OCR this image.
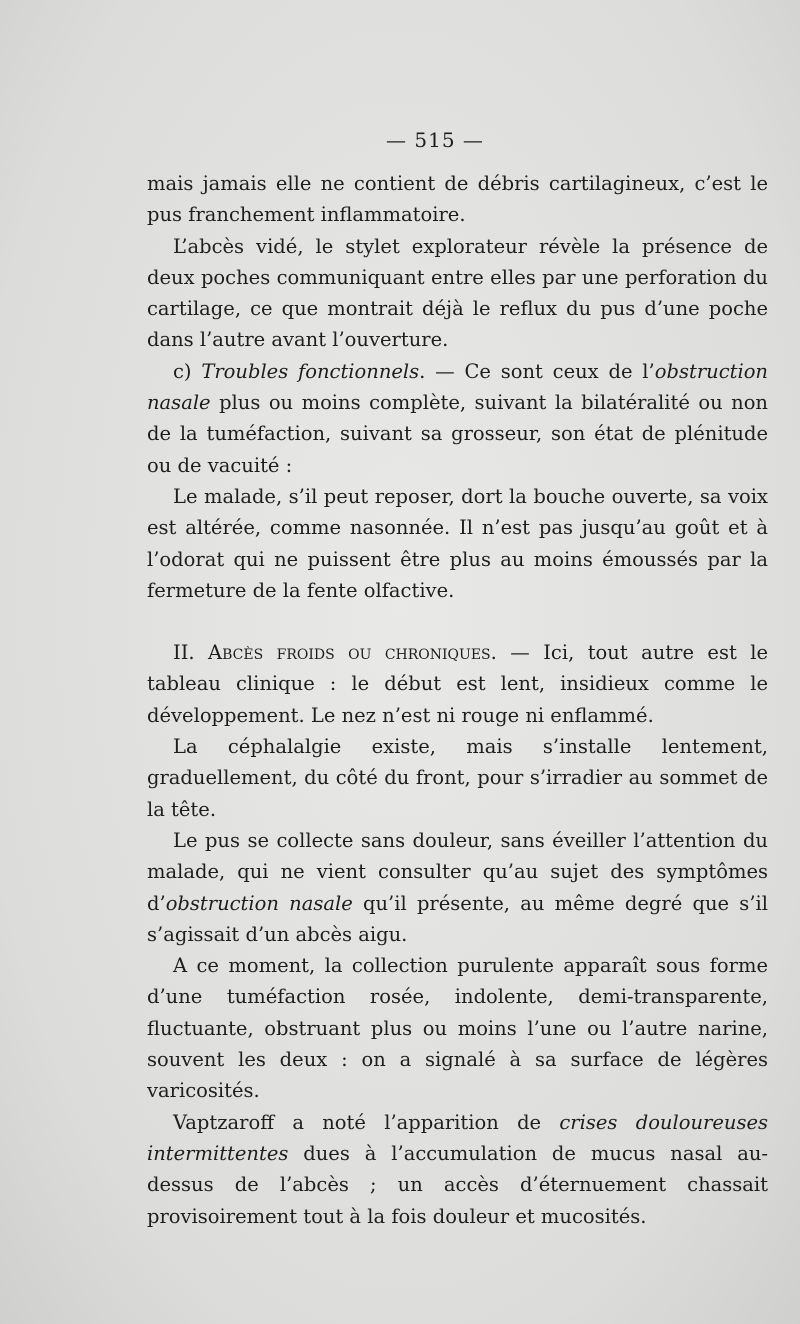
— 515 —

mais jamais elle ne contient de débris cartilagineux, c’est le pus franchement inflammatoire.

L’abcès vidé, le stylet explorateur révèle la présence de deux poches communiquant entre elles par une perforation du cartilage, ce que montrait déjà le reflux du pus d’une poche dans l’autre avant l’ouverture.

c) Troubles fonctionnels. — Ce sont ceux de l’obstruction nasale plus ou moins complète, suivant la bilatéralité ou non de la tuméfaction, suivant sa grosseur, son état de plénitude ou de vacuité :

Le malade, s’il peut reposer, dort la bouche ouverte, sa voix est altérée, comme nasonnée. Il n’est pas jusqu’au goût et à l’odorat qui ne puissent être plus au moins émoussés par la fermeture de la fente olfactive.

II. Abcès froids ou chroniques. — Ici, tout autre est le tableau clinique : le début est lent, insidieux comme le développement. Le nez n’est ni rouge ni enflammé.

La céphalalgie existe, mais s’installe lentement, graduellement, du côté du front, pour s’irradier au sommet de la tête.

Le pus se collecte sans douleur, sans éveiller l’attention du malade, qui ne vient consulter qu’au sujet des symptômes d’obstruction nasale qu’il présente, au même degré que s’il s’agissait d’un abcès aigu.

A ce moment, la collection purulente apparaît sous forme d’une tuméfaction rosée, indolente, demi-transparente, fluctuante, obstruant plus ou moins l’une ou l’autre narine, souvent les deux : on a signalé à sa surface de légères varicosités.

Vaptzaroff a noté l’apparition de crises douloureuses intermittentes dues à l’accumulation de mucus nasal au-dessus de l’abcès ; un accès d’éternuement chassait provisoirement tout à la fois douleur et mucosités.
